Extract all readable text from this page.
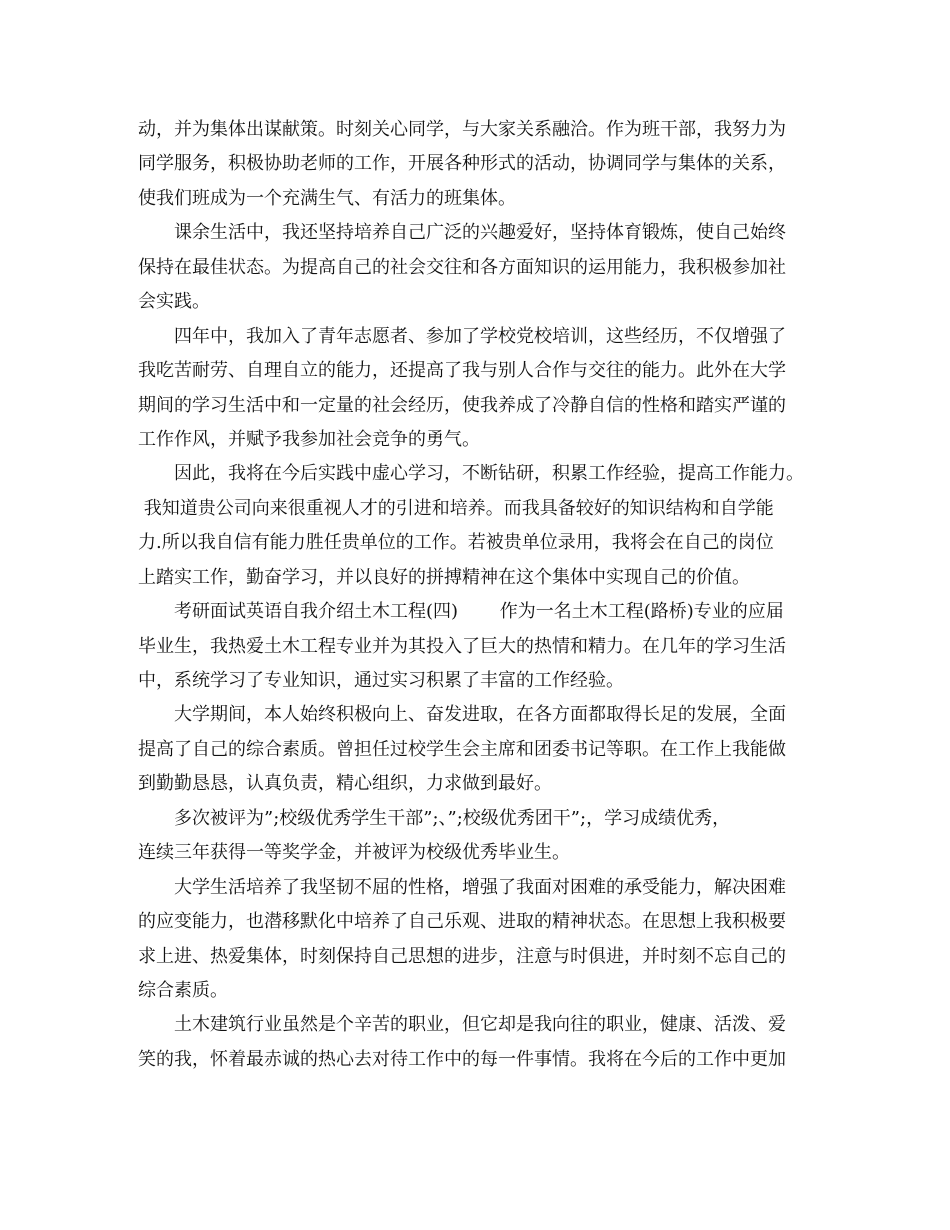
动，并为集体出谋献策。时刻关心同学，与大家关系融洽。作为班干部，我努力为
同学服务，积极协助老师的工作，开展各种形式的活动，协调同学与集体的关系，
使我们班成为一个充满生气、有活力的班集体。
　　课余生活中，我还坚持培养自己广泛的兴趣爱好，坚持体育锻炼，使自己始终
保持在最佳状态。为提高自己的社会交往和各方面知识的运用能力，我积极参加社
会实践。
　　四年中，我加入了青年志愿者、参加了学校党校培训，这些经历，不仅增强了
我吃苦耐劳、自理自立的能力，还提高了我与别人合作与交往的能力。此外在大学
期间的学习生活中和一定量的社会经历，使我养成了冷静自信的性格和踏实严谨的
工作作风，并赋予我参加社会竞争的勇气。
　　因此，我将在今后实践中虚心学习，不断钻研，积累工作经验，提高工作能力。
我知道贵公司向来很重视人才的引进和培养。而我具备较好的知识结构和自学能
力.所以我自信有能力胜任贵单位的工作。若被贵单位录用，我将会在自己的岗位
上踏实工作，勤奋学习，并以良好的拼搏精神在这个集体中实现自己的价值。
　　考研面试英语自我介绍土木工程(四)　　 作为一名土木工程(路桥)专业的应届
毕业生，我热爱土木工程专业并为其投入了巨大的热情和精力。在几年的学习生活
中，系统学习了专业知识，通过实习积累了丰富的工作经验。
　　大学期间，本人始终积极向上、奋发进取，在各方面都取得长足的发展，全面
提高了自己的综合素质。曾担任过校学生会主席和团委书记等职。在工作上我能做
到勤勤恳恳，认真负责，精心组织，力求做到最好。
　　多次被评为”;校级优秀学生干部”;、”;校级优秀团干”;，学习成绩优秀，
连续三年获得一等奖学金，并被评为校级优秀毕业生。
　　大学生活培养了我坚韧不屈的性格，增强了我面对困难的承受能力，解决困难
的应变能力，也潜移默化中培养了自己乐观、进取的精神状态。在思想上我积极要
求上进、热爱集体，时刻保持自己思想的进步，注意与时俱进，并时刻不忘自己的
综合素质。
　　土木建筑行业虽然是个辛苦的职业，但它却是我向往的职业，健康、活泼、爱
笑的我，怀着最赤诚的热心去对待工作中的每一件事情。我将在今后的工作中更加
